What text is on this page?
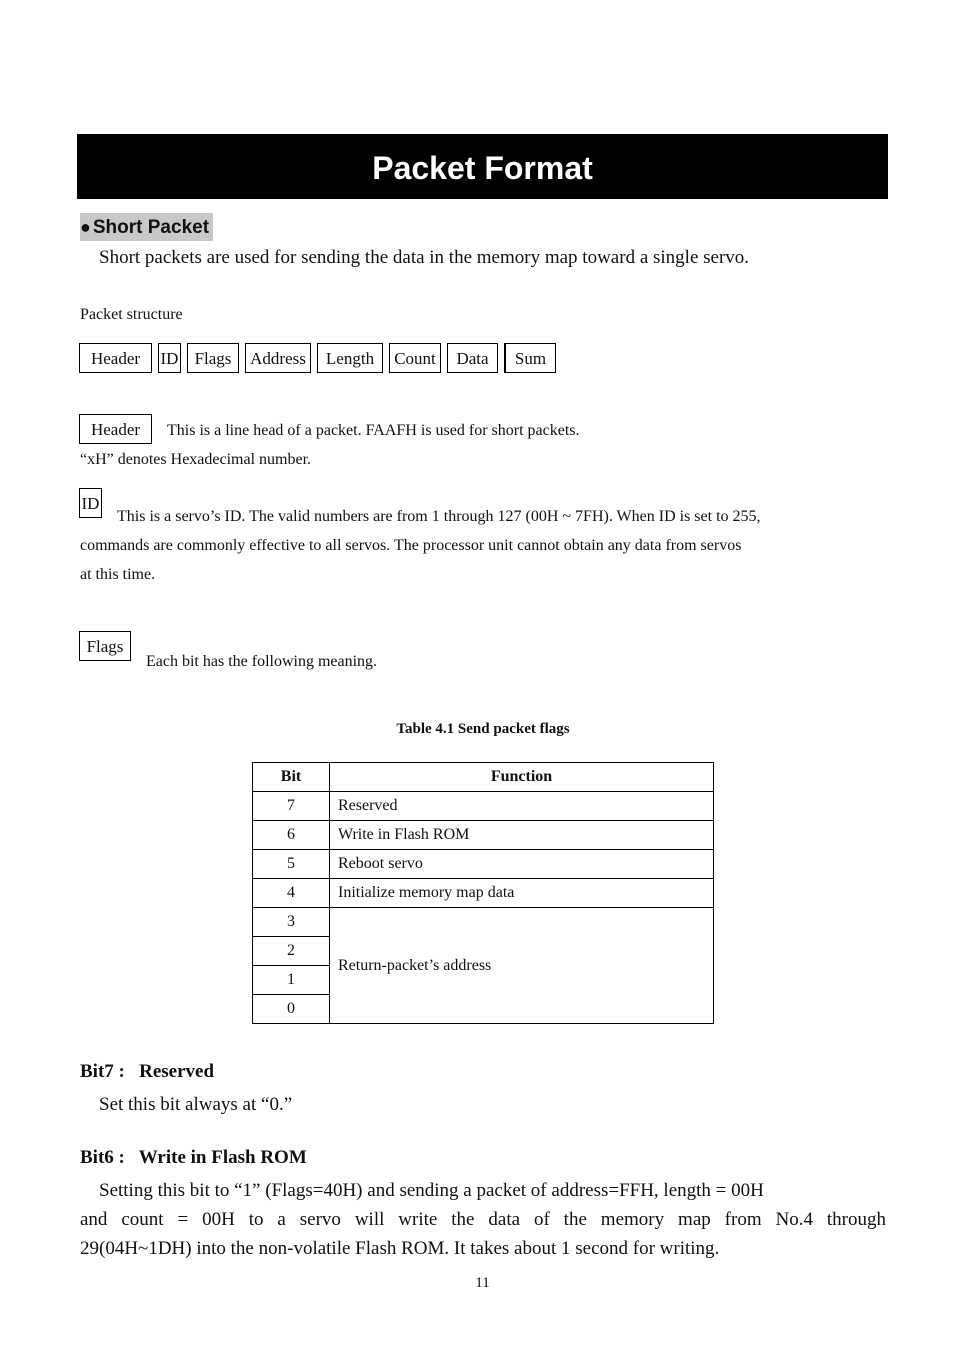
Packet Format
● Short Packet
Short packets are used for sending the data in the memory map toward a single servo.
Packet structure
Header	ID Flags	Address	Length	Count	Data	Sum
Header	This is a line head of a packet. FAAFH is used for short packets.
“xH” denotes Hexadecimal number.
ID
This is a servo’s ID. The valid numbers are from 1 through 127 (00H ~ 7FH). When ID is set to 255,
commands are commonly effective to all servos. The processor unit cannot obtain any data from servos
at this time.
Flags
Each bit has the following meaning.
Table 4.1 Send packet flags
Bit	Function
7	Reserved
6	Write in Flash ROM
5	Reboot servo
4	Initialize memory map data
3	Return-packet’s address
2	
1	
0	
Bit7 :   Reserved
Set this bit always at “0.”
Bit6 :   Write in Flash ROM
Setting this bit to “1” (Flags=40H) and sending a packet of address=FFH, length = 00H
and count = 00H to a servo will write the data of the memory map from No.4 through
29(04H~1DH) into the non-volatile Flash ROM. It takes about 1 second for writing.
11
